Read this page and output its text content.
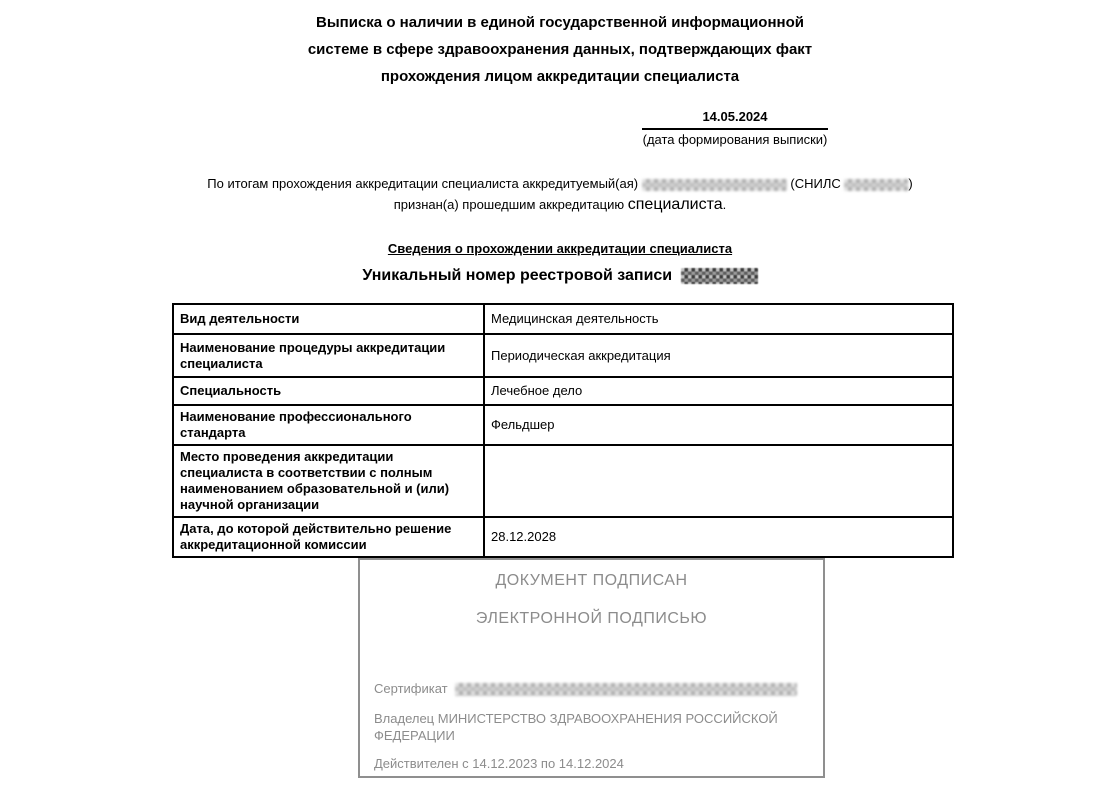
Выписка о наличии в единой государственной информационной
системе в сфере здравоохранения данных, подтверждающих факт
прохождения лицом аккредитации специалиста
14.05.2024
(дата формирования выписки)
По итогам прохождения аккредитации специалиста аккредитуемый(ая)	(СНИЛС	)
признан(а) прошедшим аккредитацию специалиста.
Сведения о прохождении аккредитации специалиста
Уникальный номер реестровой записи
Вид деятельности	Медицинская деятельность
Наименование процедуры аккредитации специалиста	Периодическая аккредитация
Специальность	Лечебное дело
Наименование профессионального стандарта	Фельдшер
Место проведения аккредитации специалиста в соответствии с полным наименованием образовательной и (или) научной организации	
Дата, до которой действительно решение аккредитационной комиссии	28.12.2028
ДОКУМЕНТ ПОДПИСАН
ЭЛЕКТРОННОЙ ПОДПИСЬЮ
Сертификат
Владелец МИНИСТЕРСТВО ЗДРАВООХРАНЕНИЯ РОССИЙСКОЙ ФЕДЕРАЦИИ
Действителен с 14.12.2023 по 14.12.2024
